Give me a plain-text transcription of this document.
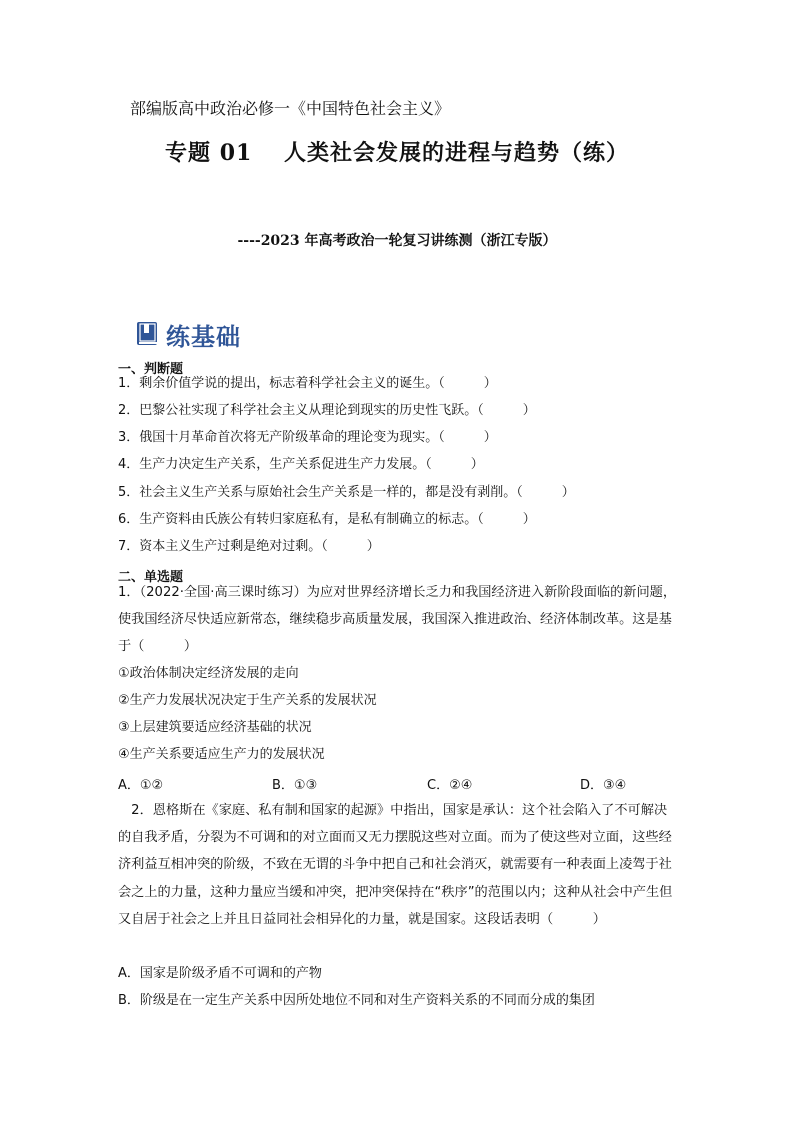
部编版高中政治必修一《中国特色社会主义》
专题 01　 人类社会发展的进程与趋势（练）
----2023 年高考政治一轮复习讲练测（浙江专版）
练基础
一、判断题
1．剩余价值学说的提出，标志着科学社会主义的诞生。（　　　）
2．巴黎公社实现了科学社会主义从理论到现实的历史性飞跃。（　　　）
3．俄国十月革命首次将无产阶级革命的理论变为现实。（　　　）
4．生产力决定生产关系，生产关系促进生产力发展。（　　　）
5．社会主义生产关系与原始社会生产关系是一样的，都是没有剥削。（　　　）
6．生产资料由氏族公有转归家庭私有，是私有制确立的标志。（　　　）
7．资本主义生产过剩是绝对过剩。（　　　）
二、单选题
1．（2022·全国·高三课时练习）为应对世界经济增长乏力和我国经济进入新阶段面临的新问题，使我国经济尽快适应新常态，继续稳步高质量发展，我国深入推进政治、经济体制改革。这是基于（　　　）
①政治体制决定经济发展的走向
②生产力发展状况决定于生产关系的发展状况
③上层建筑要适应经济基础的状况
④生产关系要适应生产力的发展状况
A．①②	B．①③	C．②④	D．③④
　2．恩格斯在《家庭、私有制和国家的起源》中指出，国家是承认：这个社会陷入了不可解决的自我矛盾，分裂为不可调和的对立面而又无力摆脱这些对立面。而为了使这些对立面，这些经济利益互相冲突的阶级，不致在无谓的斗争中把自己和社会消灭，就需要有一种表面上凌驾于社会之上的力量，这种力量应当缓和冲突，把冲突保持在“秩序”的范围以内；这种从社会中产生但又自居于社会之上并且日益同社会相异化的力量，就是国家。这段话表明（　　　）
A．国家是阶级矛盾不可调和的产物
B．阶级是在一定生产关系中因所处地位不同和对生产资料关系的不同而分成的集团
